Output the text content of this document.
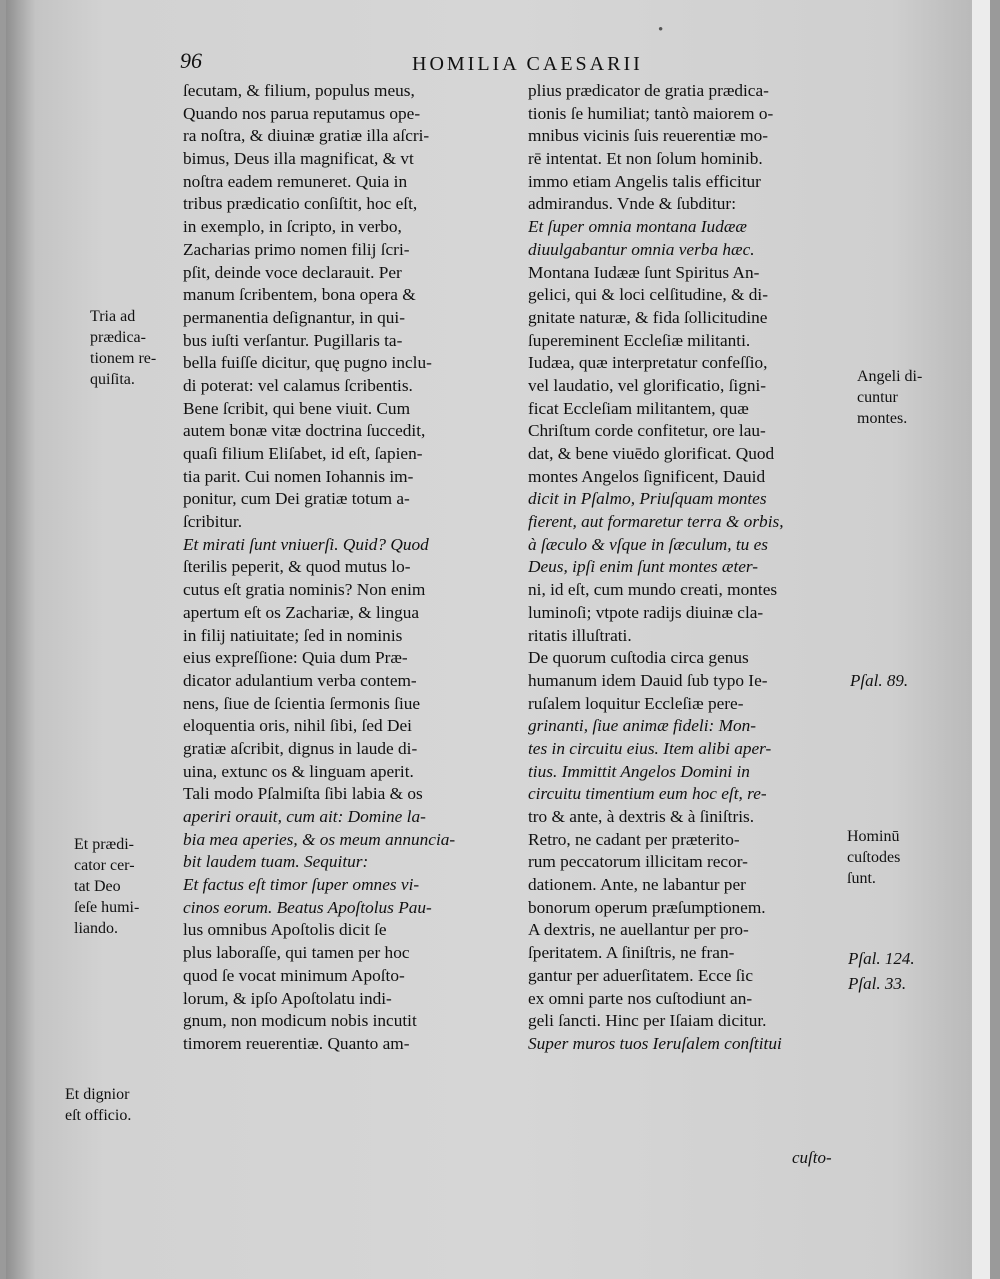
96	HOMILIA CAESARII
ſecutam, & filium, populus meus,
Quando nos parua reputamus ope-
ra noſtra, & diuinæ gratiæ illa aſcri-
bimus, Deus illa magnificat, & vt
noſtra eadem remuneret. Quia in
tribus prædicatio conſiſtit, hoc eſt,
in exemplo, in ſcripto, in verbo,
Zacharias primo nomen filij ſcri-
pſit, deinde voce declarauit. Per
manum ſcribentem, bona opera &
permanentia deſignantur, in qui-
bus iuſti verſantur. Pugillaris ta-
bella fuiſſe dicitur, quę pugno inclu-
di poterat: vel calamus ſcribentis.
Bene ſcribit, qui bene viuit. Cum
autem bonæ vitæ doctrina ſuccedit,
quaſi filium Eliſabet, id eſt, ſapien-
tia parit. Cui nomen Iohannis im-
ponitur, cum Dei gratiæ totum a-
ſcribitur.
Et mirati ſunt vniuerſi. Quid? Quod
ſterilis peperit, & quod mutus lo-
cutus eſt gratia nominis? Non enim
apertum eſt os Zachariæ, & lingua
in filij natiuitate; ſed in nominis
eius expreſſione: Quia dum Præ-
dicator adulantium verba contem-
nens, ſiue de ſcientia ſermonis ſiue
eloquentia oris, nihil ſibi, ſed Dei
gratiæ aſcribit, dignus in laude di-
uina, extunc os & linguam aperit.
Tali modo Pſalmiſta ſibi labia & os
aperiri orauit, cum ait: Domine la-
bia mea aperies, & os meum annuncia-
bit laudem tuam. Sequitur:
Et factus eſt timor ſuper omnes vi-
cinos eorum. Beatus Apoſtolus Pau-
lus omnibus Apoſtolis dicit ſe
plus laboraſſe, qui tamen per hoc
quod ſe vocat minimum Apoſto-
lorum, & ipſo Apoſtolatu indi-
gnum, non modicum nobis incutit
timorem reuerentiæ. Quanto am-
plius prædicator de gratia prædica-
tionis ſe humiliat; tantò maiorem o-
mnibus vicinis ſuis reuerentiæ mo-
rē intentat. Et non ſolum hominib.
immo etiam Angelis talis efficitur
admirandus. Vnde & ſubditur:
Et ſuper omnia montana Iudææ
diuulgabantur omnia verba hæc.
Montana Iudææ ſunt Spiritus An-
gelici, qui & loci celſitudine, & di-
gnitate naturæ, & fida ſollicitudine
ſupereminent Eccleſiæ militanti.
Iudæa, quæ interpretatur confeſſio,
vel laudatio, vel glorificatio, ſigni-
ficat Eccleſiam militantem, quæ
Chriſtum corde confitetur, ore lau-
dat, & bene viuēdo glorificat. Quod
montes Angelos ſignificent, Dauid
dicit in Pſalmo, Priuſquam montes
fierent, aut formaretur terra & orbis,
à ſæculo & vſque in ſæculum, tu es
Deus, ipſi enim ſunt montes æter-
ni, id eſt, cum mundo creati, montes
luminoſi; vtpote radijs diuinæ cla-
ritatis illuſtrati.
De quorum cuſtodia circa genus
humanum idem Dauid ſub typo Ie-
ruſalem loquitur Eccleſiæ pere-
grinanti, ſiue animæ fideli: Mon-
tes in circuitu eius. Item alibi aper-
tius. Immittit Angelos Domini in
circuitu timentium eum hoc eſt, re-
tro & ante, à dextris & à ſiniſtris.
Retro, ne cadant per præterito-
rum peccatorum illicitam recor-
dationem. Ante, ne labantur per
bonorum operum præſumptionem.
A dextris, ne auellantur per pro-
ſperitatem. A ſiniſtris, ne fran-
gantur per aduerſitatem. Ecce ſic
ex omni parte nos cuſtodiunt an-
geli ſancti. Hinc per Iſaiam dicitur.
Super muros tuos Ieruſalem conſtitui
Tria ad
prædica-
tionem re-
quiſita.
Et prædi-
cator cer-
tat Deo
ſeſe humi-
liando.
Et dignior
eſt officio.
Angeli di-
cuntur
montes.
Pſal. 89.
Hominū
cuſtodes
ſunt.
Pſal. 124.
Pſal. 33.
cuſto-
•
